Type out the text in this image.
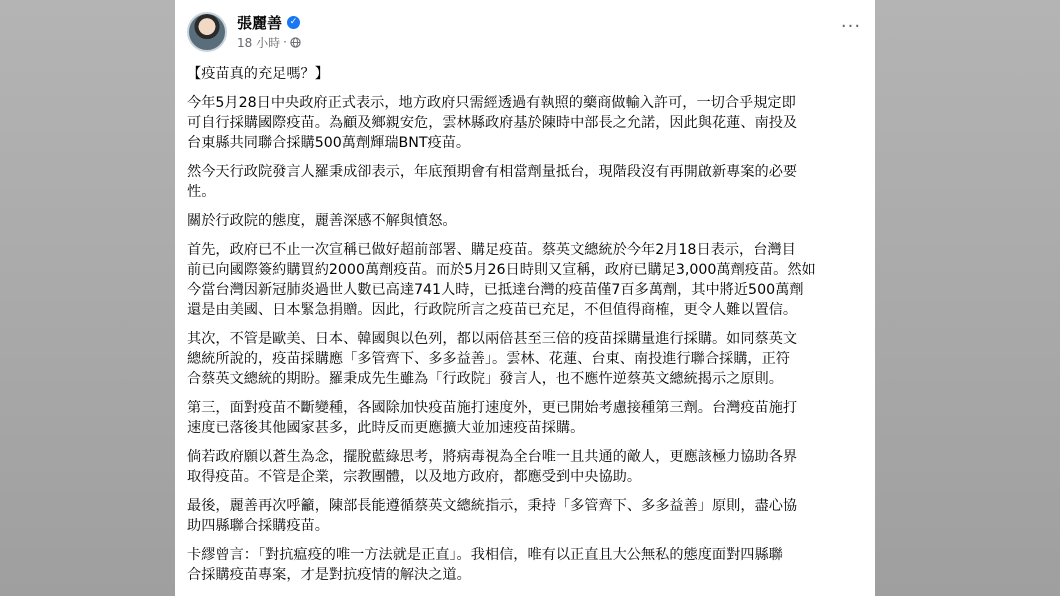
張麗善 ✓
18 小時 ·
···

【疫苗真的充足嗎？】

今年5月28日中央政府正式表示，地方政府只需經透過有執照的藥商做輸入許可，一切合乎規定即
可自行採購國際疫苗。為顧及鄉親安危，雲林縣政府基於陳時中部長之允諾，因此與花蓮、南投及
台東縣共同聯合採購500萬劑輝瑞BNT疫苗。

然今天行政院發言人羅秉成卻表示，年底預期會有相當劑量抵台，現階段沒有再開啟新專案的必要
性。

關於行政院的態度，麗善深感不解與憤怒。

首先，政府已不止一次宣稱已做好超前部署、購足疫苗。蔡英文總統於今年2月18日表示，台灣目
前已向國際簽約購買約2000萬劑疫苗。而於5月26日時則又宣稱，政府已購足3,000萬劑疫苗。然如
今當台灣因新冠肺炎過世人數已高達741人時，已抵達台灣的疫苗僅7百多萬劑，其中將近500萬劑
還是由美國、日本緊急捐贈。因此，行政院所言之疫苗已充足，不但值得商榷，更令人難以置信。

其次，不管是歐美、日本、韓國與以色列，都以兩倍甚至三倍的疫苗採購量進行採購。如同蔡英文
總統所說的，疫苗採購應「多管齊下、多多益善」。雲林、花蓮、台東、南投進行聯合採購，正符
合蔡英文總統的期盼。羅秉成先生雖為「行政院」發言人，也不應忤逆蔡英文總統揭示之原則。

第三，面對疫苗不斷變種，各國除加快疫苗施打速度外，更已開始考慮接種第三劑。台灣疫苗施打
速度已落後其他國家甚多，此時反而更應擴大並加速疫苗採購。

倘若政府願以蒼生為念，擺脫藍綠思考，將病毒視為全台唯一且共通的敵人，更應該極力協助各界
取得疫苗。不管是企業，宗教團體，以及地方政府，都應受到中央協助。

最後，麗善再次呼籲，陳部長能遵循蔡英文總統指示，秉持「多管齊下、多多益善」原則，盡心協
助四縣聯合採購疫苗。

卡繆曾言：「對抗瘟疫的唯一方法就是正直」。我相信，唯有以正直且大公無私的態度面對四縣聯
合採購疫苗專案，才是對抗疫情的解決之道。
